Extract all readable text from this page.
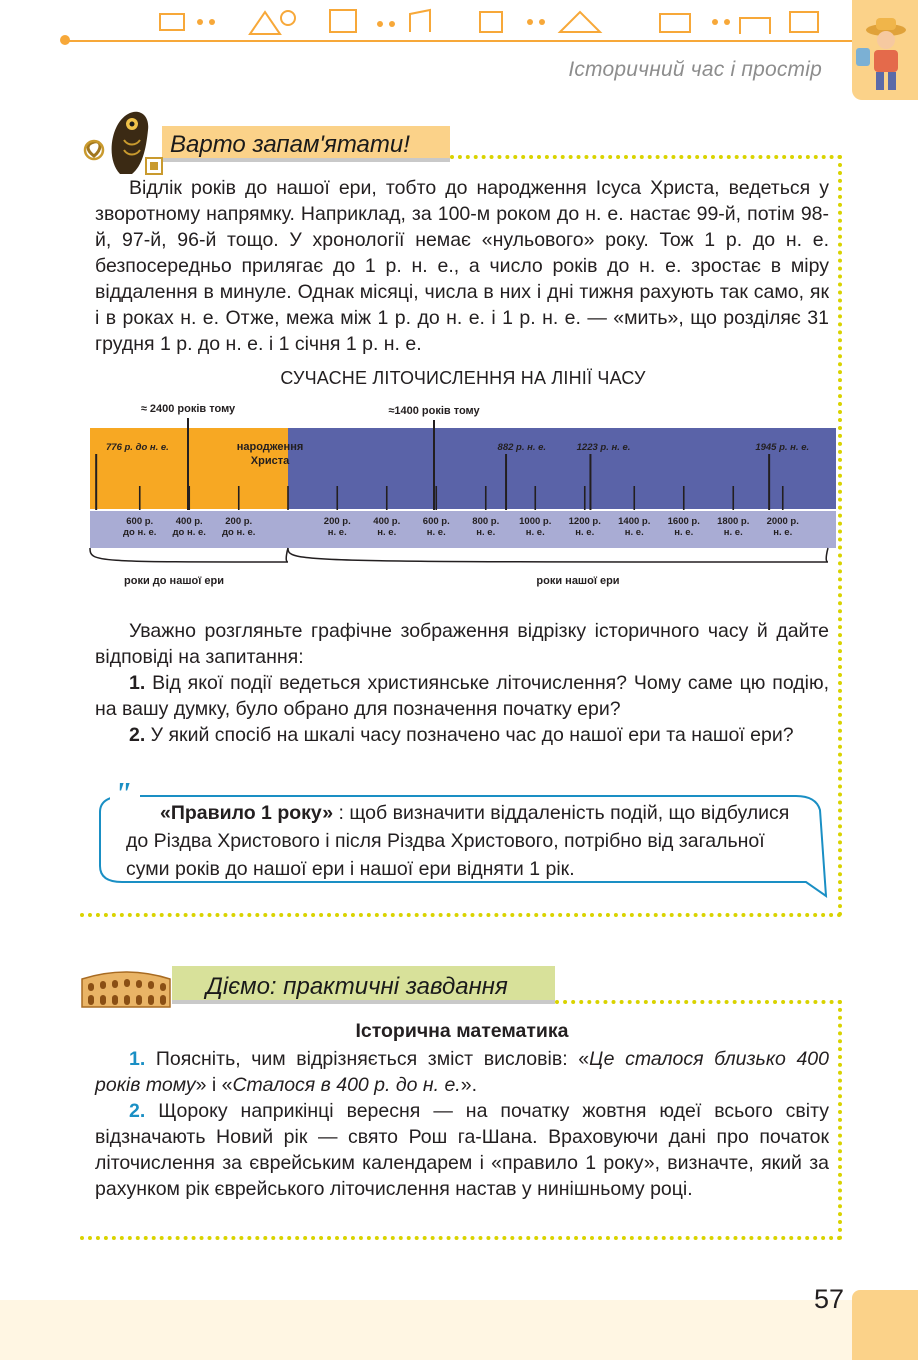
Історичний час і простір
Варто запам'ятати!

Відлік років до нашої ери, тобто до народження Ісуса Христа, ведеться у зворотному напрямку. Наприклад, за 100-м роком до н. е. настає 99-й, потім 98-й, 97-й, 96-й тощо. У хронології немає «нульового» року. Тож 1 р. до н. е. безпосередньо прилягає до 1 р. н. е., а число років до н. е. зростає в міру віддалення в минуле. Однак місяці, числа в них і дні тижня рахують так само, як і в роках н. е. Отже, межа між 1 р. до н. е. і 1 р. н. е. — «мить», що розділяє 31 грудня 1 р. до н. е. і 1 січня 1 р. н. е.

СУЧАСНЕ ЛІТОЧИСЛЕННЯ НА ЛІНІЇ ЧАСУ
600 р.
до н. е.
400 р.
до н. е.
200 р.
до н. е.
200 р.
н. е.
400 р.
н. е.
600 р.
н. е.
800 р.
н. е.
1000 р.
н. е.
1200 р.
н. е.
1400 р.
н. е.
1600 р.
н. е.
1800 р.
н. е.
2000 р.
н. е.
776 р. до н. е.	882 р. н. е.	1223 р. н. е.	1945 р. н. е.
≈ 2400 років тому	≈1400 років тому
народження
Христа
роки до нашої ери	роки нашої ери

Уважно розгляньте графічне зображення відрізку історичного часу й дайте відповіді на запитання:

1. Від якої події ведеться християнське літочислення? Чому саме цю подію, на вашу думку, було обрано для позначення початку ери?

2. У який спосіб на шкалі часу позначено час до нашої ери та нашої ери?

"

«Правило 1 року» : щоб визначити віддаленість подій, що відбулися до Різдва Христового і після Різдва Христового, потрібно від загальної суми років до нашої ери і нашої ери відняти 1 рік.

Діємо: практичні завдання
Історична математика

1. Поясніть, чим відрізняється зміст висловів: «Це сталося близько 400 років тому» і «Сталося в 400 р. до н. е.».

2. Щороку наприкінці вересня — на початку жовтня юдеї всього світу відзначають Новий рік — свято Рош га-Шана. Враховуючи дані про початок літочислення за єврейським календарем і «правило 1 року», визначте, який за рахунком рік єврейського літочислення настав у нинішньому році.

57
